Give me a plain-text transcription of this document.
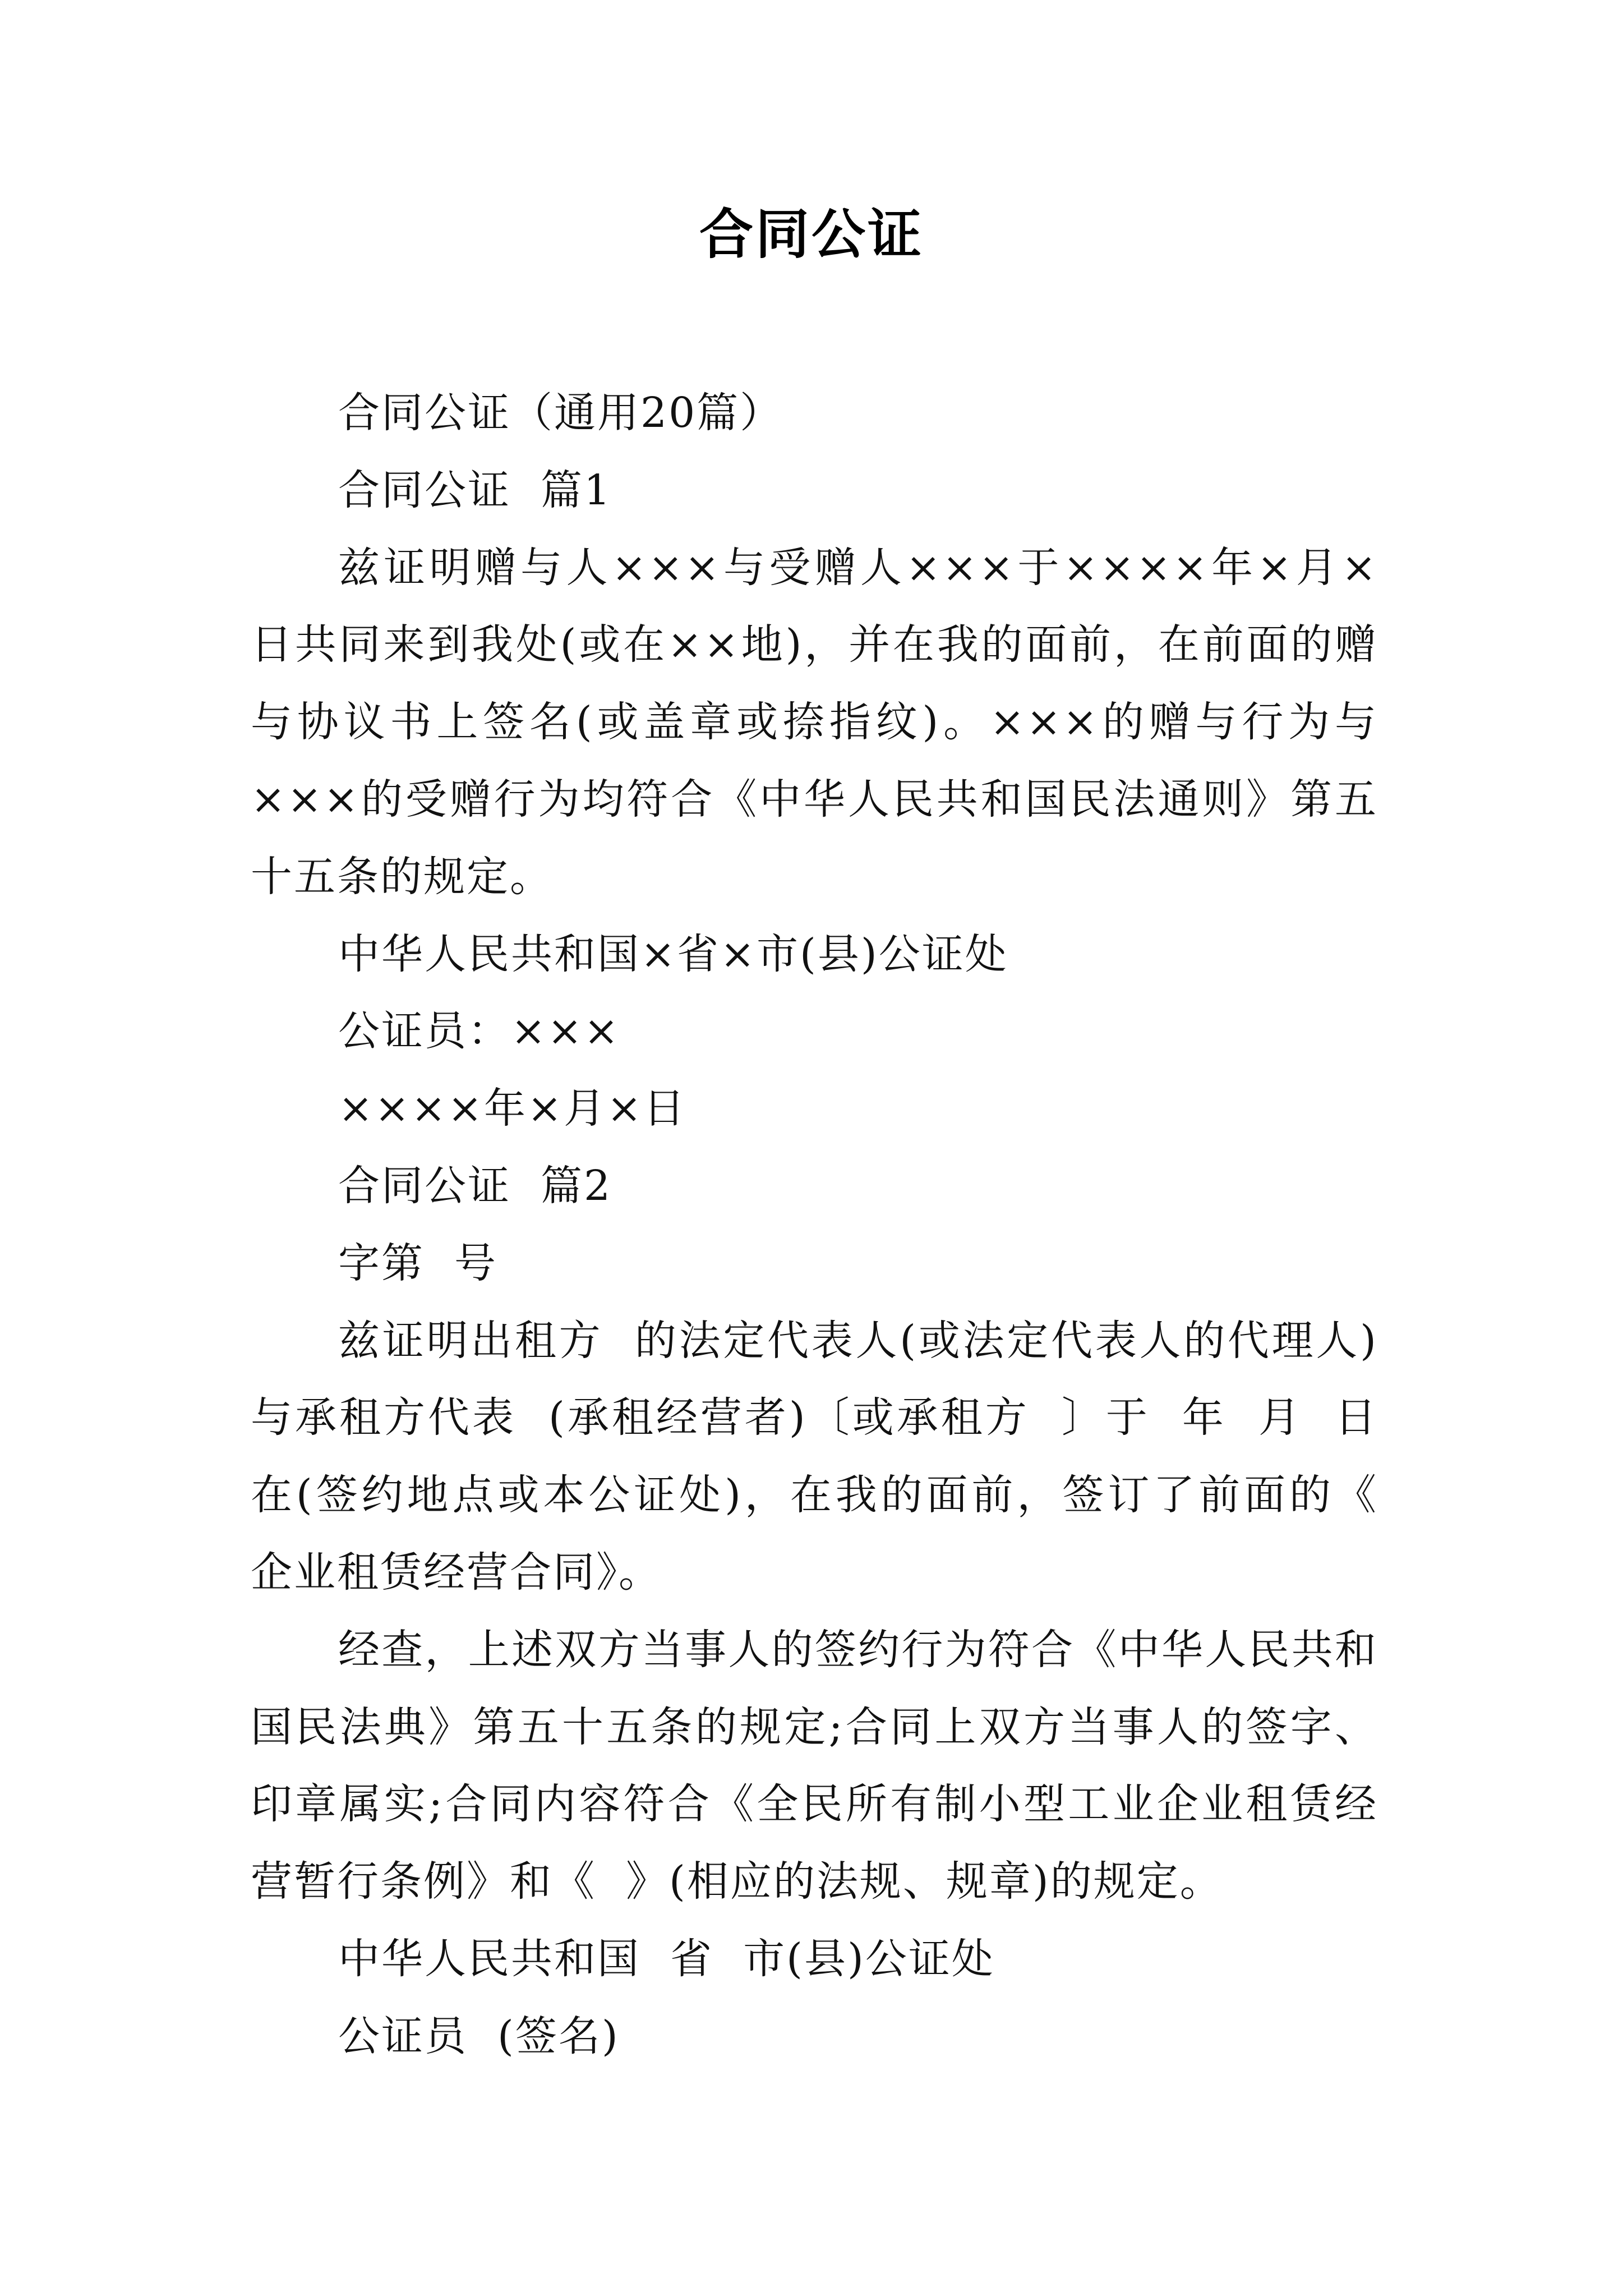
合同公证

合同公证（通用20篇）

合同公证  篇1

兹证明赠与人×××与受赠人×××于××××年×月×日共同来到我处(或在××地)，并在我的面前，在前面的赠与协议书上签名(或盖章或捺指纹)。×××的赠与行为与×××的受赠行为均符合《中华人民共和国民法通则》第五十五条的规定。

中华人民共和国×省×市(县)公证处

公证员：×××

××××年×月×日

合同公证  篇2

字第  号

兹证明出租方  的法定代表人(或法定代表人的代理人)与承租方代表  (承租经营者)〔或承租方  〕于  年  月  日在(签约地点或本公证处)，在我的面前，签订了前面的《  企业租赁经营合同》。

经查，上述双方当事人的签约行为符合《中华人民共和国民法典》第五十五条的规定;合同上双方当事人的签字、印章属实;合同内容符合《全民所有制小型工业企业租赁经营暂行条例》和《  》(相应的法规、规章)的规定。

中华人民共和国  省  市(县)公证处

公证员  (签名)
